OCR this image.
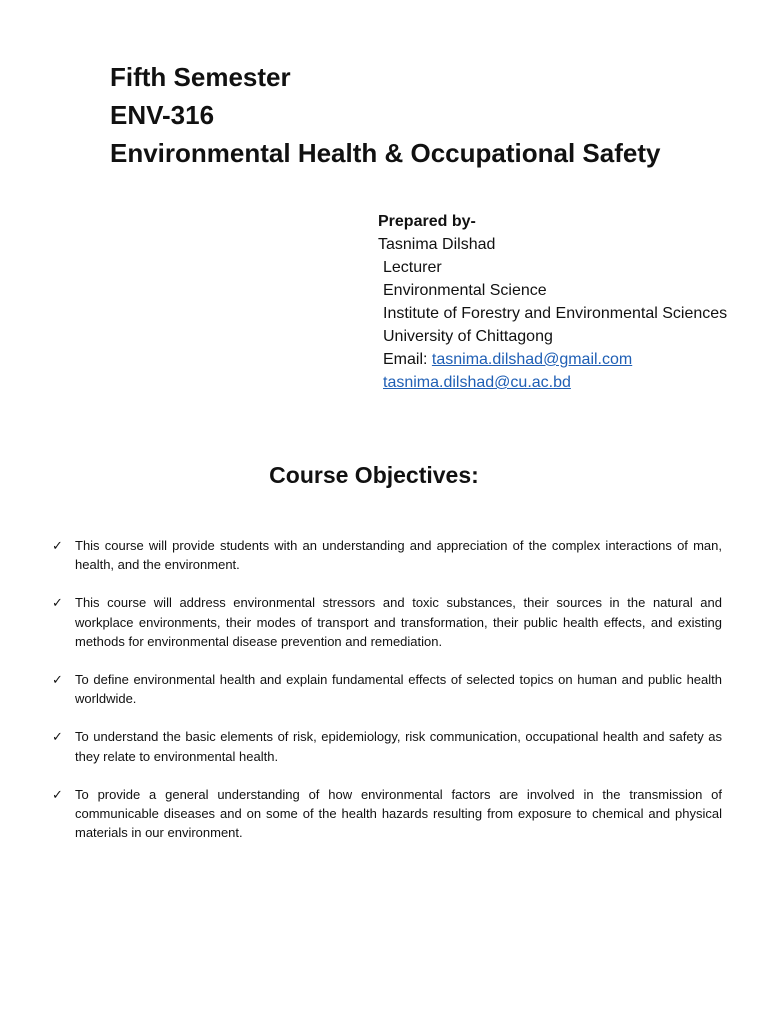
Fifth Semester
ENV-316
Environmental Health & Occupational Safety
Prepared by-
Tasnima Dilshad
Lecturer
Environmental Science
Institute of Forestry and Environmental Sciences
University of Chittagong
Email: tasnima.dilshad@gmail.com
tasnima.dilshad@cu.ac.bd
Course Objectives:
✓ This course will provide students with an understanding and appreciation of the complex interactions of man, health, and the environment.
✓ This course will address environmental stressors and toxic substances, their sources in the natural and workplace environments, their modes of transport and transformation, their public health effects, and existing methods for environmental disease prevention and remediation.
✓ To define environmental health and explain fundamental effects of selected topics on human and public health worldwide.
✓ To understand the basic elements of risk, epidemiology, risk communication, occupational health and safety as they relate to environmental health.
✓ To provide a general understanding of how environmental factors are involved in the transmission of communicable diseases and on some of the health hazards resulting from exposure to chemical and physical materials in our environment.
